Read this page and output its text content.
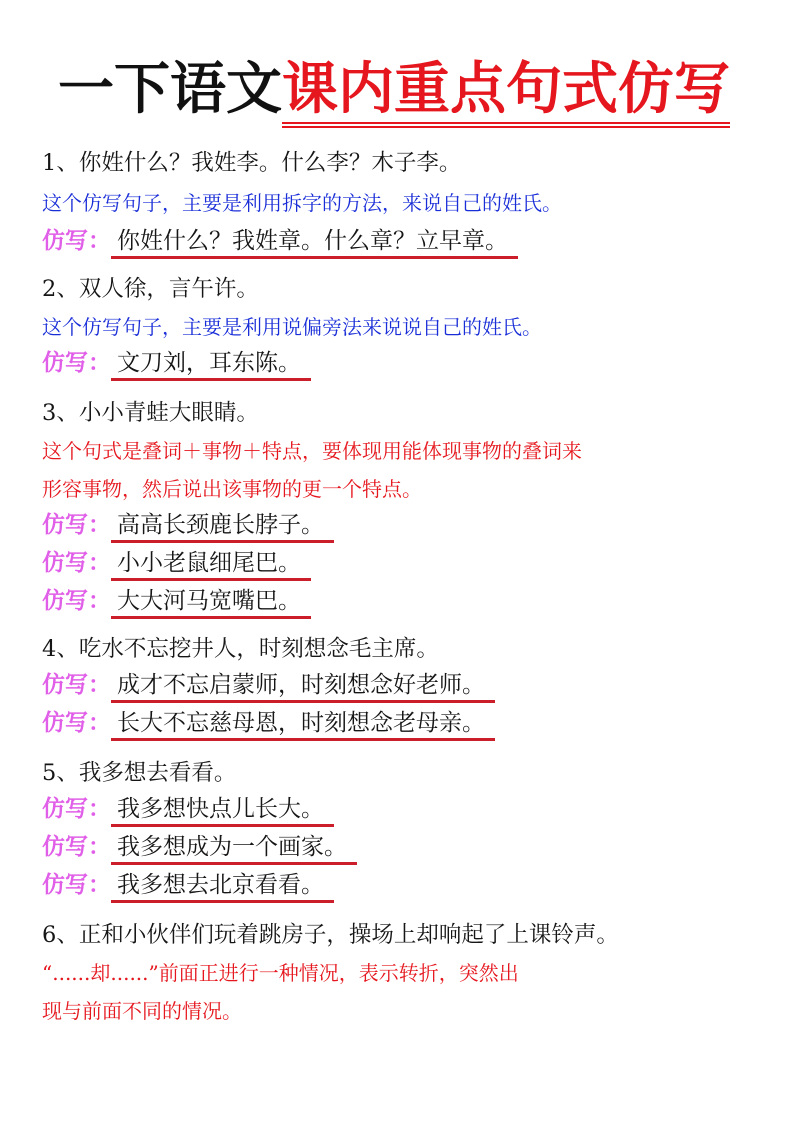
一下语文课内重点句式仿写
1、你姓什么？我姓李。什么李？木子李。
这个仿写句子，主要是利用拆字的方法，来说自己的姓氏。
仿写： 你姓什么？我姓章。什么章？立早章。
2、双人徐，言午许。
这个仿写句子，主要是利用说偏旁法来说说自己的姓氏。
仿写： 文刀刘，耳东陈。
3、小小青蛙大眼睛。
这个句式是叠词＋事物＋特点，要体现用能体现事物的叠词来
形容事物，然后说出该事物的更一个特点。
仿写： 高高长颈鹿长脖子。
仿写： 小小老鼠细尾巴。
仿写： 大大河马宽嘴巴。
4、吃水不忘挖井人，时刻想念毛主席。
仿写： 成才不忘启蒙师，时刻想念好老师。
仿写： 长大不忘慈母恩，时刻想念老母亲。
5、我多想去看看。
仿写： 我多想快点儿长大。
仿写： 我多想成为一个画家。
仿写： 我多想去北京看看。
6、正和小伙伴们玩着跳房子，操场上却响起了上课铃声。
“......却......”前面正进行一种情况，表示转折，突然出
现与前面不同的情况。
